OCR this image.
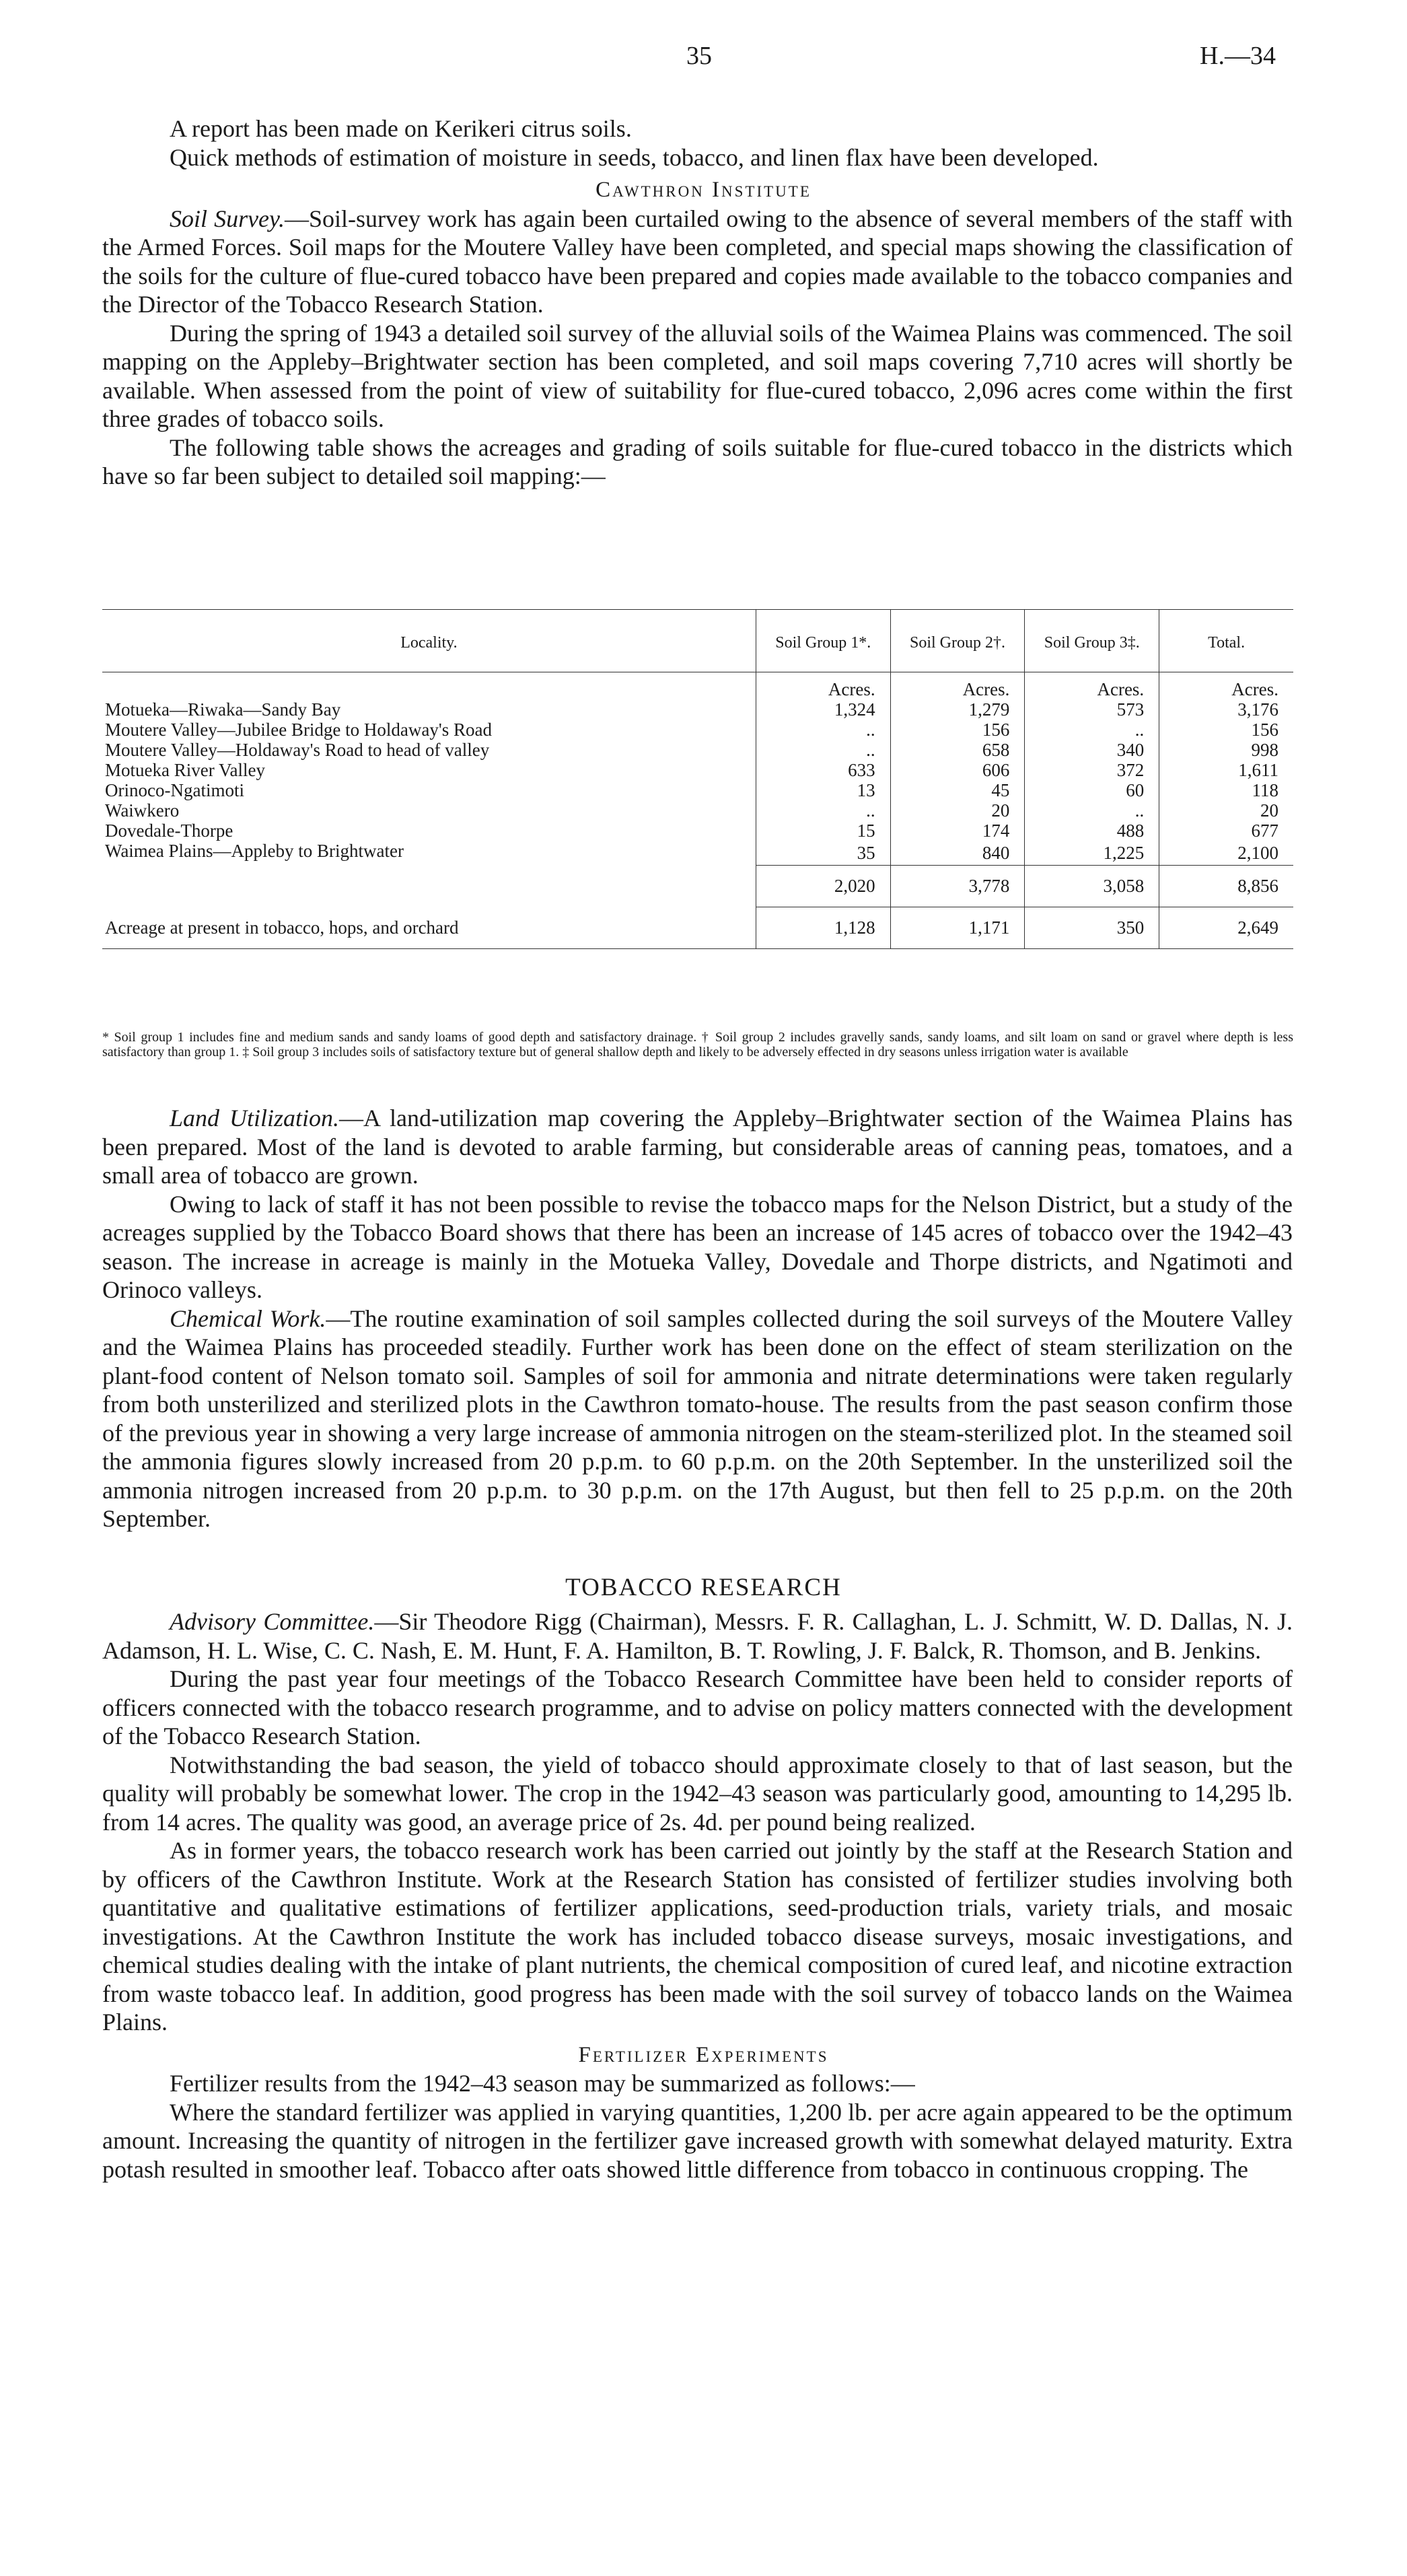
35	H.—34

A report has been made on Kerikeri citrus soils.

Quick methods of estimation of moisture in seeds, tobacco, and linen flax have been developed.

Cawthron Institute

Soil Survey.—Soil-survey work has again been curtailed owing to the absence of several members of the staff with the Armed Forces. Soil maps for the Moutere Valley have been completed, and special maps showing the classification of the soils for the culture of flue-cured tobacco have been prepared and copies made available to the tobacco companies and the Director of the Tobacco Research Station.

During the spring of 1943 a detailed soil survey of the alluvial soils of the Waimea Plains was commenced. The soil mapping on the Appleby–Brightwater section has been completed, and soil maps covering 7,710 acres will shortly be available. When assessed from the point of view of suitability for flue-cured tobacco, 2,096 acres come within the first three grades of tobacco soils.

The following table shows the acreages and grading of soils suitable for flue-cured tobacco in the districts which have so far been subject to detailed soil mapping:—

Locality.	Soil Group 1*.	Soil Group 2†.	Soil Group 3‡.	Total.
	Acres.	Acres.	Acres.	Acres.
Motueka—Riwaka—Sandy Bay	1,324	1,279	573	3,176
Moutere Valley—Jubilee Bridge to Holdaway's Road	..	156	..	156
Moutere Valley—Holdaway's Road to head of valley	..	658	340	998
Motueka River Valley	633	606	372	1,611
Orinoco-Ngatimoti	13	45	60	118
Waiwkero	..	20	..	20
Dovedale-Thorpe	15	174	488	677
Waimea Plains—Appleby to Brightwater	35	840	1,225	2,100
	2,020	3,778	3,058	8,856
Acreage at present in tobacco, hops, and orchard	1,128	1,171	350	2,649
* Soil group 1 includes fine and medium sands and sandy loams of good depth and satisfactory drainage. † Soil group 2 includes gravelly sands, sandy loams, and silt loam on sand or gravel where depth is less satisfactory than group 1. ‡ Soil group 3 includes soils of satisfactory texture but of general shallow depth and likely to be adversely effected in dry seasons unless irrigation water is available

Land Utilization.—A land-utilization map covering the Appleby–Brightwater section of the Waimea Plains has been prepared. Most of the land is devoted to arable farming, but considerable areas of canning peas, tomatoes, and a small area of tobacco are grown.

Owing to lack of staff it has not been possible to revise the tobacco maps for the Nelson District, but a study of the acreages supplied by the Tobacco Board shows that there has been an increase of 145 acres of tobacco over the 1942–43 season. The increase in acreage is mainly in the Motueka Valley, Dovedale and Thorpe districts, and Ngatimoti and Orinoco valleys.

Chemical Work.—The routine examination of soil samples collected during the soil surveys of the Moutere Valley and the Waimea Plains has proceeded steadily. Further work has been done on the effect of steam sterilization on the plant-food content of Nelson tomato soil. Samples of soil for ammonia and nitrate determinations were taken regularly from both unsterilized and sterilized plots in the Cawthron tomato-house. The results from the past season confirm those of the previous year in showing a very large increase of ammonia nitrogen on the steam-sterilized plot. In the steamed soil the ammonia figures slowly increased from 20 p.p.m. to 60 p.p.m. on the 20th September. In the unsterilized soil the ammonia nitrogen increased from 20 p.p.m. to 30 p.p.m. on the 17th August, but then fell to 25 p.p.m. on the 20th September.

TOBACCO RESEARCH

Advisory Committee.—Sir Theodore Rigg (Chairman), Messrs. F. R. Callaghan, L. J. Schmitt, W. D. Dallas, N. J. Adamson, H. L. Wise, C. C. Nash, E. M. Hunt, F. A. Hamilton, B. T. Rowling, J. F. Balck, R. Thomson, and B. Jenkins.

During the past year four meetings of the Tobacco Research Committee have been held to consider reports of officers connected with the tobacco research programme, and to advise on policy matters connected with the development of the Tobacco Research Station.

Notwithstanding the bad season, the yield of tobacco should approximate closely to that of last season, but the quality will probably be somewhat lower. The crop in the 1942–43 season was particularly good, amounting to 14,295 lb. from 14 acres. The quality was good, an average price of 2s. 4d. per pound being realized.

As in former years, the tobacco research work has been carried out jointly by the staff at the Research Station and by officers of the Cawthron Institute. Work at the Research Station has consisted of fertilizer studies involving both quantitative and qualitative estimations of fertilizer applications, seed-production trials, variety trials, and mosaic investigations. At the Cawthron Institute the work has included tobacco disease surveys, mosaic investigations, and chemical studies dealing with the intake of plant nutrients, the chemical composition of cured leaf, and nicotine extraction from waste tobacco leaf. In addition, good progress has been made with the soil survey of tobacco lands on the Waimea Plains.

Fertilizer Experiments

Fertilizer results from the 1942–43 season may be summarized as follows:—

Where the standard fertilizer was applied in varying quantities, 1,200 lb. per acre again appeared to be the optimum amount. Increasing the quantity of nitrogen in the fertilizer gave increased growth with somewhat delayed maturity. Extra potash resulted in smoother leaf. Tobacco after oats showed little difference from tobacco in continuous cropping. The
